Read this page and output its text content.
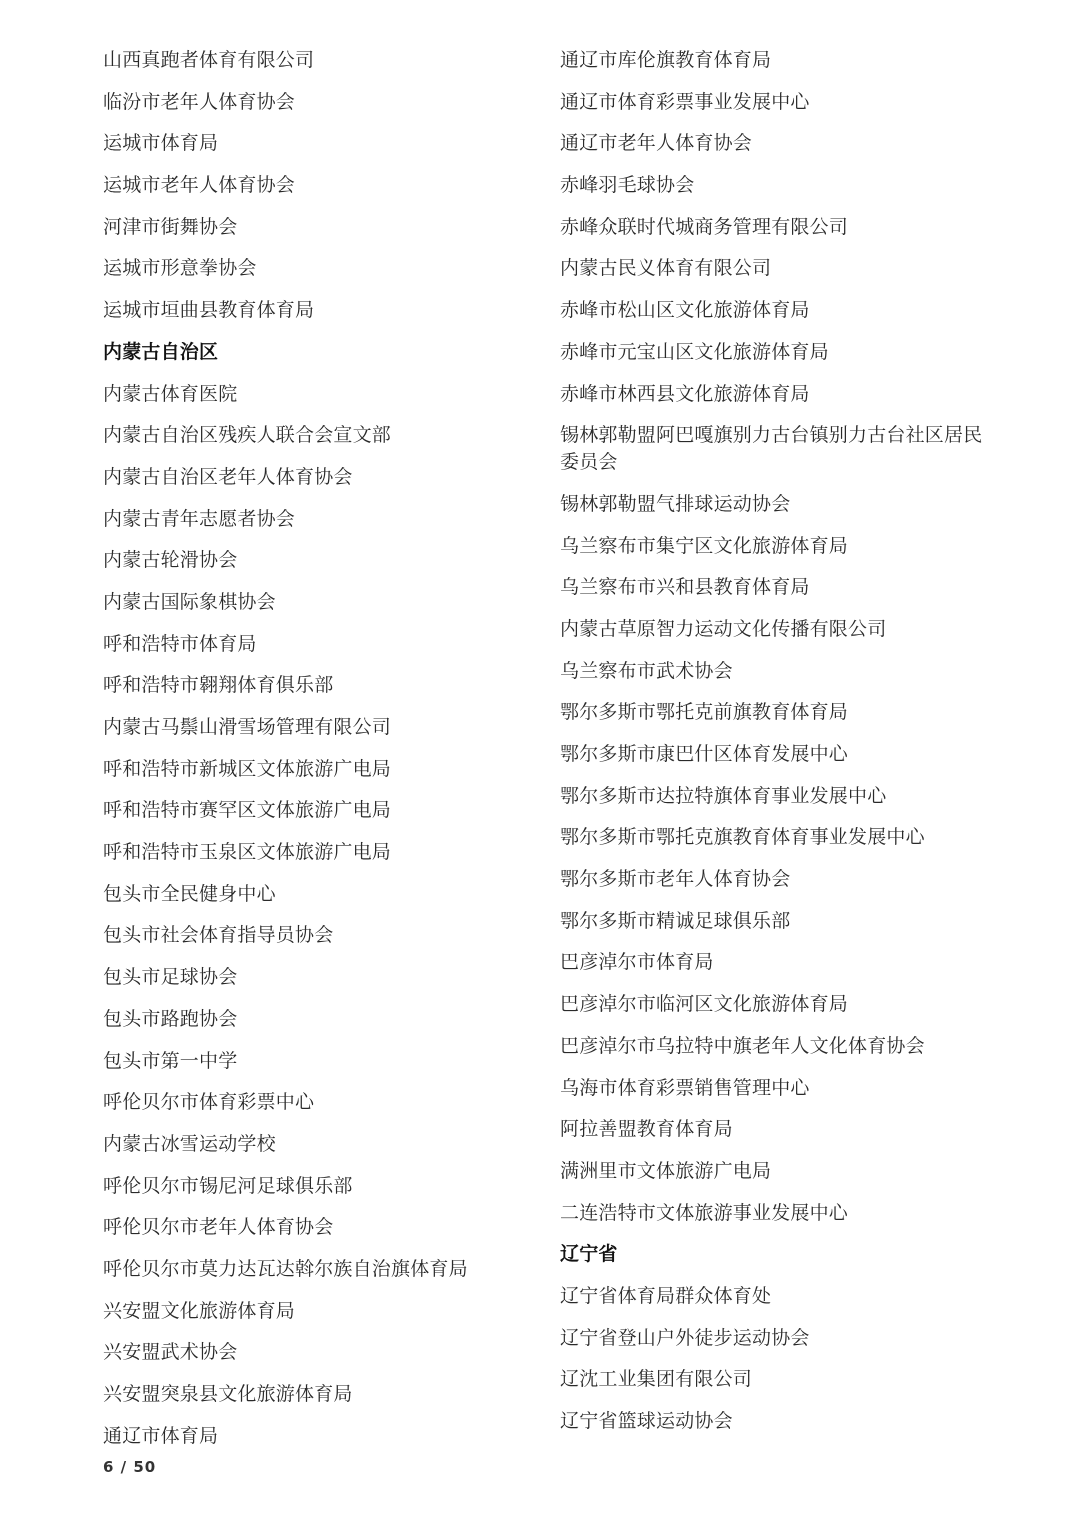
山西真跑者体育有限公司
临汾市老年人体育协会
运城市体育局
运城市老年人体育协会
河津市街舞协会
运城市形意拳协会
运城市垣曲县教育体育局
内蒙古自治区
内蒙古体育医院
内蒙古自治区残疾人联合会宣文部
内蒙古自治区老年人体育协会
内蒙古青年志愿者协会
内蒙古轮滑协会
内蒙古国际象棋协会
呼和浩特市体育局
呼和浩特市翱翔体育俱乐部
内蒙古马鬃山滑雪场管理有限公司
呼和浩特市新城区文体旅游广电局
呼和浩特市赛罕区文体旅游广电局
呼和浩特市玉泉区文体旅游广电局
包头市全民健身中心
包头市社会体育指导员协会
包头市足球协会
包头市路跑协会
包头市第一中学
呼伦贝尔市体育彩票中心
内蒙古冰雪运动学校
呼伦贝尔市锡尼河足球俱乐部
呼伦贝尔市老年人体育协会
呼伦贝尔市莫力达瓦达斡尔族自治旗体育局
兴安盟文化旅游体育局
兴安盟武术协会
兴安盟突泉县文化旅游体育局
通辽市体育局
通辽市库伦旗教育体育局
通辽市体育彩票事业发展中心
通辽市老年人体育协会
赤峰羽毛球协会
赤峰众联时代城商务管理有限公司
内蒙古民义体育有限公司
赤峰市松山区文化旅游体育局
赤峰市元宝山区文化旅游体育局
赤峰市林西县文化旅游体育局
锡林郭勒盟阿巴嘎旗别力古台镇别力古台社区居民委员会
锡林郭勒盟气排球运动协会
乌兰察布市集宁区文化旅游体育局
乌兰察布市兴和县教育体育局
内蒙古草原智力运动文化传播有限公司
乌兰察布市武术协会
鄂尔多斯市鄂托克前旗教育体育局
鄂尔多斯市康巴什区体育发展中心
鄂尔多斯市达拉特旗体育事业发展中心
鄂尔多斯市鄂托克旗教育体育事业发展中心
鄂尔多斯市老年人体育协会
鄂尔多斯市精诚足球俱乐部
巴彦淖尔市体育局
巴彦淖尔市临河区文化旅游体育局
巴彦淖尔市乌拉特中旗老年人文化体育协会
乌海市体育彩票销售管理中心
阿拉善盟教育体育局
满洲里市文体旅游广电局
二连浩特市文体旅游事业发展中心
辽宁省
辽宁省体育局群众体育处
辽宁省登山户外徒步运动协会
辽沈工业集团有限公司
辽宁省篮球运动协会
6 / 50
